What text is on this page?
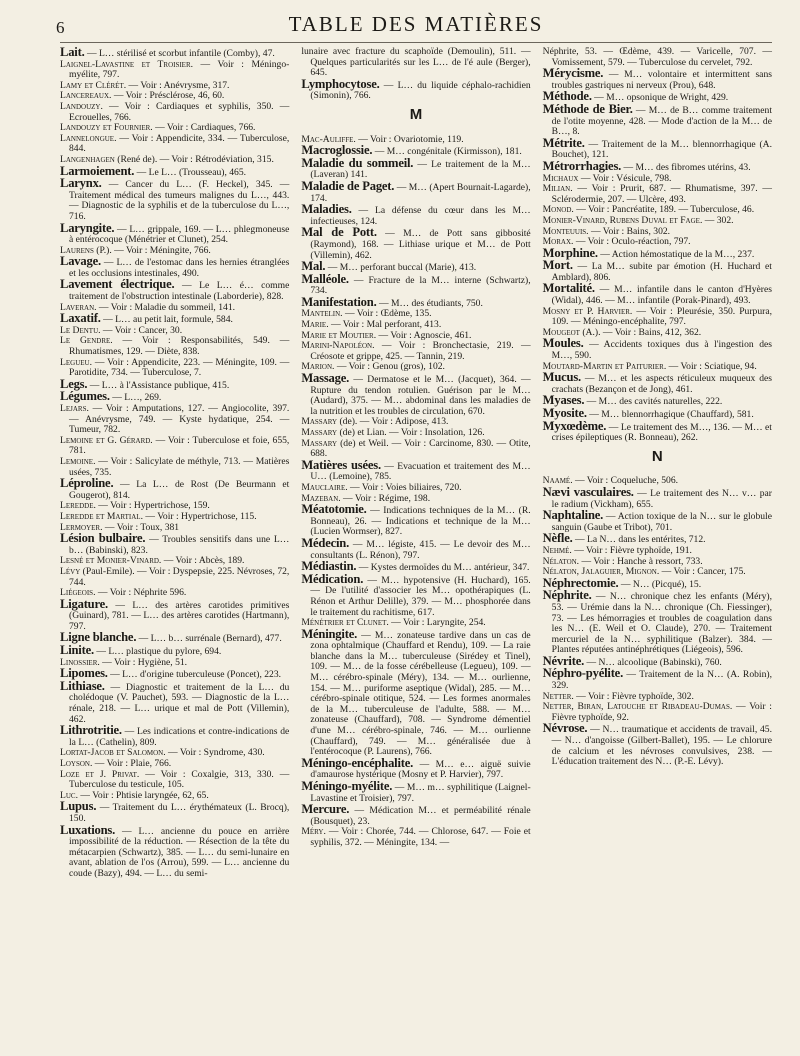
6	TABLE DES MATIÈRES

Lait. — L… stérilisé et scorbut infantile (Comby), 47.

Laignel-Lavastine et Troisier. — Voir : Méningo-myélite, 797.

Lamy et Clérét. — Voir : Anévrysme, 317.

Lancereaux. — Voir : Présclérose, 46, 60.

Landouzy. — Voir : Cardiaques et syphilis, 350. — Ecrouelles, 766.

Landouzy et Fournier. — Voir : Cardiaques, 766.

Lannelongue. — Voir : Appendicite, 334. — Tuberculose, 844.

Langenhagen (René de). — Voir : Rétrodéviation, 315.

Larmoiement. — Le L… (Trousseau), 465.

Larynx. — Cancer du L… (F. Heckel), 345. — Traitement médical des tumeurs malignes du L…, 443. — Diagnostic de la syphilis et de la tuberculose du L…, 716.

Laryngite. — L… grippale, 169. — L… phlegmoneuse à entérocoque (Ménétrier et Clunet), 254.

Laurens (P.). — Voir : Méningite, 766.

Lavage. — L… de l'estomac dans les hernies étranglées et les occlusions intestinales, 490.

Lavement électrique. — Le L… é… comme traitement de l'obstruction intestinale (Laborderie), 828.

Laveran. — Voir : Maladie du sommeil, 141.

Laxatif. — L… au petit lait, formule, 584.

Le Dentu. — Voir : Cancer, 30.

Le Gendre. — Voir : Responsabilités, 549. — Rhumatismes, 129. — Diète, 838.

Legueu. — Voir : Appendicite, 223. — Méningite, 109. — Parotidite, 734. — Tuberculose, 7.

Legs. — L… à l'Assistance publique, 415.

Légumes. — L…, 269.

Lejars. — Voir : Amputations, 127. — Angiocolite, 397. — Anévrysme, 749. — Kyste hydatique, 254. — Tumeur, 782.

Lemoine et G. Gérard. — Voir : Tuberculose et foie, 655, 781.

Lemoine. — Voir : Salicylate de méthyle, 713. — Matières usées, 735.

Léproline. — La L… de Rost (De Beurmann et Gougerot), 814.

Leredde. — Voir : Hypertrichose, 159.

Leredde et Martial. — Voir : Hypertrichose, 115.

Lermoyer. — Voir : Toux, 381

Lésion bulbaire. — Troubles sensitifs dans une L… b… (Babinski), 823.

Lesné et Monier-Vinard. — Voir : Abcès, 189.

Lévy (Paul-Emile). — Voir : Dyspepsie, 225. Névroses, 72, 744.

Liégeois. — Voir : Néphrite 596.

Ligature. — L… des artères carotides primitives (Guinard), 781. — L… des artères carotides (Hartmann), 797.

Ligne blanche. — L… b… surrénale (Bernard), 477.

Linite. — L… plastique du pylore, 694.

Linossier. — Voir : Hygiène, 51.

Lipomes. — L… d'origine tuberculeuse (Poncet), 223.

Lithiase. — Diagnostic et traitement de la L… du cholédoque (V. Pauchet), 593. — Diagnostic de la L… rénale, 218. — L… urique et mal de Pott (Villemin), 462.

Lithrotritie. — Les indications et contre-indications de la L… (Cathelin), 809.

Lortat-Jacob et Salomon. — Voir : Syndrome, 430.

Loyson. — Voir : Plaie, 766.

Loze et J. Privat. — Voir : Coxalgie, 313, 330. — Tuberculose du testicule, 105.

Luc. — Voir : Phtisie laryngée, 62, 65.

Lupus. — Traitement du L… érythémateux (L. Brocq), 150.

Luxations. — L… ancienne du pouce en arrière impossibilité de la réduction. — Résection de la tête du métacarpien (Schwartz), 385. — L… du semi-lunaire en avant, ablation de l'os (Arrou), 599. — L… ancienne du coude (Bazy), 494. — L… du semi-

lunaire avec fracture du scaphoïde (Demoulin), 511. — Quelques particularités sur les L… de l'é aule (Berger), 645.

Lymphocytose. — L… du liquide céphalo-rachidien (Simonin), 766.

M

Mac-Auliffe. — Voir : Ovariotomie, 119.

Macroglossie. — M… congénitale (Kirmisson), 181.

Maladie du sommeil. — Le traitement de la M… (Laveran) 141.

Maladie de Paget. — M… (Apert Bournait-Lagarde), 174.

Maladies. — La défense du cœur dans les M… infectieuses, 124.

Mal de Pott. — M… de Pott sans gibbosité (Raymond), 168. — Lithiase urique et M… de Pott (Villemin), 462.

Mal. — M… perforant buccal (Marie), 413.

Malléole. — Fracture de la M… interne (Schwartz), 734.

Manifestation. — M… des étudiants, 750.

Mantelin. — Voir : Œdème, 135.

Marie. — Voir : Mal perforant, 413.

Marie et Moutier. — Voir : Agnoscie, 461.

Marini-Napoléon. — Voir : Bronchectasie, 219. — Créosote et grippe, 425. — Tannin, 219.

Marion. — Voir : Genou (gros), 102.

Massage. — Dermatose et le M… (Jacquet), 364. — Rupture du tendon rotulien. Guérison par le M… (Audard), 375. — M… abdominal dans les maladies de la nutrition et les troubles de circulation, 670.

Massary (de). — Voir : Adipose, 413.

Massary (de) et Lian. — Voir : Insolation, 126.

Massary (de) et Weil. — Voir : Carcinome, 830. — Otite, 688.

Matières usées. — Evacuation et traitement des M… U… (Lemoine), 785.

Mauclaire. — Voir : Voies biliaires, 720.

Mazeban. — Voir : Régime, 198.

Méatotomie. — Indications techniques de la M… (R. Bonneau), 26. — Indications et technique de la M… (Lucien Wormser), 827.

Médecin. — M… légiste, 415. — Le devoir des M… consultants (L. Rénon), 797.

Médiastin. — Kystes dermoïdes du M… antérieur, 347.

Médication. — M… hypotensive (H. Huchard), 165. — De l'utilité d'associer les M… opothérapiques (L. Rénon et Arthur Delille), 379. — M… phosphorée dans le traitement du rachitisme, 617.

Ménétrier et Clunet. — Voir : Laryngite, 254.

Méningite. — M… zonateuse tardive dans un cas de zona ophtalmique (Chauffard et Rendu), 109. — La raie blanche dans la M… tuberculeuse (Sirédey et Tinel), 109. — M… de la fosse cérébelleuse (Legueu), 109. — M… cérébro-spinale (Méry), 134. — M… ourlienne, 154. — M… puriforme aseptique (Widal), 285. — M… cérébro-spinale otitique, 524. — Les formes anormales de la M… tuberculeuse de l'adulte, 588. — M… zonateuse (Chauffard), 708. — Syndrome démentiel d'une M… cérébro-spinale, 746. — M… ourlienne (Chauffard), 749. — M… généralisée due à l'entérocoque (P. Laurens), 766.

Méningo-encéphalite. — M… e… aiguë suivie d'amaurose hystérique (Mosny et P. Harvier), 797.

Méningo-myélite. — M… m… syphilitique (Laignel-Lavastine et Troisier), 797.

Mercure. — Médication M… et perméabilité rénale (Bousquet), 23.

Méry. — Voir : Chorée, 744. — Chlorose, 647. — Foie et syphilis, 372. — Méningite, 134. —

Néphrite, 53. — Œdème, 439. — Varicelle, 707. — Vomissement, 579. — Tuberculose du cervelet, 792.

Mérycisme. — M… volontaire et intermittent sans troubles gastriques ni nerveux (Prou), 648.

Méthode. — M… opsonique de Wright, 429.

Méthode de Bier. — M… de B… comme traitement de l'otite moyenne, 428. — Mode d'action de la M… de B…, 8.

Métrite. — Traitement de la M… blennorrhagique (A. Bouchet), 121.

Métrorrhagies. — M… des fibromes utérins, 43.

Michaux — Voir : Vésicule, 798.

Milian. — Voir : Prurit, 687. — Rhumatisme, 397. — Sclérodermie, 207. — Ulcère, 493.

Monod. — Voir : Pancréatite, 189. — Tuberculose, 46.

Monier-Vinard, Rubens Duval et Fage. — 302.

Monteuuis. — Voir : Bains, 302.

Morax. — Voir : Oculo-réaction, 797.

Morphine. — Action hémostatique de la M…, 237.

Mort. — La M… subite par émotion (H. Huchard et Amblard), 806.

Mortalité. — M… infantile dans le canton d'Hyères (Widal), 446. — M… infantile (Porak-Pinard), 493.

Mosny et P. Harvier. — Voir : Pleurésie, 350. Purpura, 109. — Méningo-encéphalite, 797.

Mougeot (A.). — Voir : Bains, 412, 362.

Moules. — Accidents toxiques dus à l'ingestion des M…, 590.

Moutard-Martin et Paiturier. — Voir : Sciatique, 94.

Mucus. — M… et les aspects réticuleux muqueux des crachats (Bezançon et de Jong), 461.

Myases. — M… des cavités naturelles, 222.

Myosite. — M… blennorrhagique (Chauffard), 581.

Myxœdème. — Le traitement des M…, 136. — M… et crises épileptiques (R. Bonneau), 262.

N

Naamé. — Voir : Coqueluche, 506.

Nævi vasculaires. — Le traitement des N… v… par le radium (Vickham), 655.

Naphtaline. — Action toxique de la N… sur le globule sanguin (Gaube et Tribot), 701.

Nèfle. — La N… dans les entérites, 712.

Nehmé. — Voir : Fièvre typhoïde, 191.

Nélaton. — Voir : Hanche à ressort, 733.

Nélaton, Jalaguier, Mignon. — Voir : Cancer, 175.

Néphrectomie. — N… (Picqué), 15.

Néphrite. — N… chronique chez les enfants (Méry), 53. — Urémie dans la N… chronique (Ch. Fiessinger), 73. — Les hémorragies et troubles de coagulation dans les N… (E. Weil et O. Claude), 270. — Traitement mercuriel de la N… syphilitique (Balzer). 384. — Plantes réputées antinéphrétiques (Liégeois), 596.

Névrite. — N… alcoolique (Babinski), 760.

Néphro-pyélite. — Traitement de la N… (A. Robin), 329.

Netter. — Voir : Fièvre typhoïde, 302.

Netter, Biran, Latouche et Ribadeau-Dumas. — Voir : Fièvre typhoïde, 92.

Névrose. — N… traumatique et accidents de travail, 45. — N… d'angoisse (Gilbert-Ballet), 195. — Le chlorure de calcium et les névroses convulsives, 238. — L'éducation traitement des N… (P.-E. Lévy).
